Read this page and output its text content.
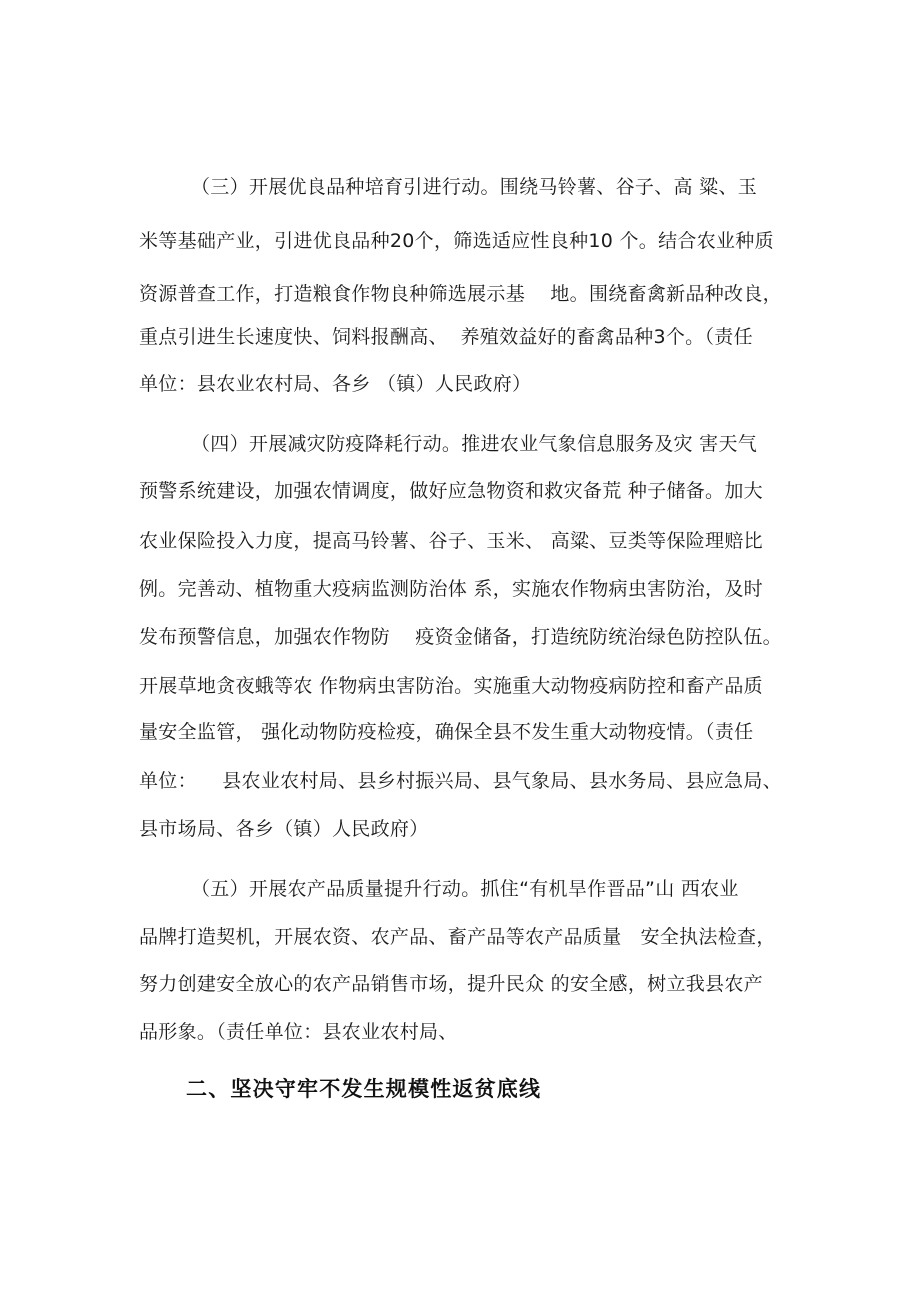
（三）开展优良品种培育引进行动。围绕马铃薯、谷子、高 粱、玉
米等基础产业，引进优良品种20个，筛选适应性良种10 个。结合农业种质
资源普查工作，打造粮食作物良种筛选展示基    地。围绕畜禽新品种改良，
重点引进生长速度快、饲料报酬高、  养殖效益好的畜禽品种3个。（责任
单位：县农业农村局、各乡 （镇）人民政府）
（四）开展减灾防疫降耗行动。推进农业气象信息服务及灾 害天气
预警系统建设，加强农情调度，做好应急物资和救灾备荒 种子储备。加大
农业保险投入力度，提高马铃薯、谷子、玉米、 高粱、豆类等保险理赔比
例。完善动、植物重大疫病监测防治体 系，实施农作物病虫害防治，及时
发布预警信息，加强农作物防    疫资金储备，打造统防统治绿色防控队伍。
开展草地贪夜蛾等农 作物病虫害防治。实施重大动物疫病防控和畜产品质
量安全监管， 强化动物防疫检疫，确保全县不发生重大动物疫情。（责任
单位：    县农业农村局、县乡村振兴局、县气象局、县水务局、县应急局、
县市场局、各乡（镇）人民政府）
（五）开展农产品质量提升行动。抓住“有机旱作晋品”山 西农业
品牌打造契机，开展农资、农产品、畜产品等农产品质量   安全执法检查，
努力创建安全放心的农产品销售市场，提升民众 的安全感，树立我县农产
品形象。（责任单位：县农业农村局、
二、坚决守牢不发生规模性返贫底线
